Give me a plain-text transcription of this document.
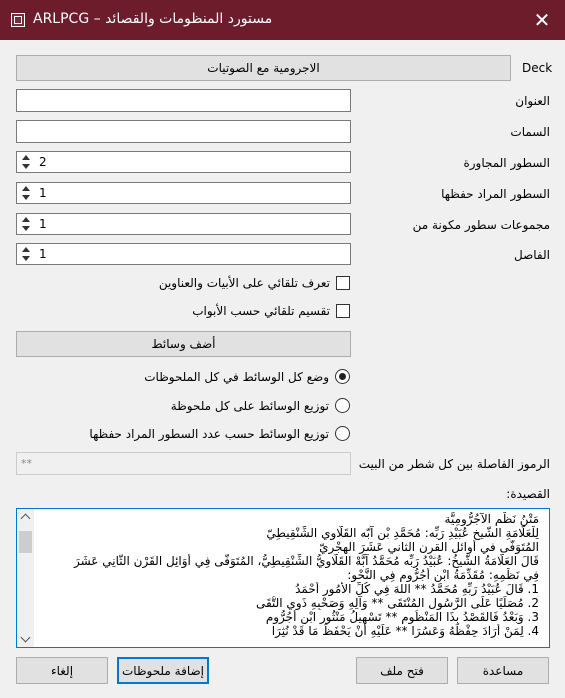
مستورد المنظومات والقصائد – ARLPCG	✕
الاجرومية مع الصوتيات	Deck
العنوان
السمات
2	السطور المجاورة
1	السطور المراد حفظها
1	مجموعات سطور مكونة من
1	الفاصل
تعرف تلقائي على الأبيات والعناوين
تقسيم تلقائي حسب الأبواب
أضف وسائط
وضع كل الوسائط في كل الملحوظات
توزيع الوسائط على كل ملحوظة
توزيع الوسائط حسب عدد السطور المراد حفظها
**	الرموز الفاصلة بين كل شطر من البيت
القصيدة:
مَتْنُ نَظْمِ الآجُرُّومِيَّة
لِلْعَلَّامَةِ الشَّيخِ عُبَيْدِ رَبِّه: مُحَمَّدِ بْنِ آبّه القَلَّاوي الشِّنْقِيطِيّ
المُتَوَفَّى في أوائل القرن الثاني عَشَرَ الهِجْرِيّ
قَالَ العَلَّامَةُ الشَّيخُ: عُبَيْدُ رَبِّه مُحَمَّدُ آبَّهْ القَلَّاوِيُّ الشِّنْقِيطِيُّ، المُتَوَفَّى فِي أَوَائِلِ القَرْنِ الثَّانِي عَشَرَ
فِي نَظْمِهِ: مُقَدِّمَةُ ابْنِ أجُرُّومٍ فِي النَّحْوِ:
1. قَالَ عُبَيْدُ رَبِّهِ مُحَمَّدُ ** اللهَ فِي كُلِّ الأُمُورِ أَحْمَدُ
2. مُصَلِّيًا عَلَى الرَّسُولِ المُنْتَقَى ** وَآلِهِ وَصَحْبِهِ ذَوِي التُّقَى
3. وَبَعْدُ فَالقَصْدُ بِذَا المَنْظُومِ ** تَسْهِيلُ مَنْثُورِ ابْنِ أَجُرُّومِ
4. لِمَنْ أَرَادَ حِفْظَهُ وَعَسُرَا ** عَلَيْهِ أَنْ يَحْفَظَ مَا قَدْ نُثِرَا
إلغاء	إضافة ملحوظات	فتح ملف	مساعدة
